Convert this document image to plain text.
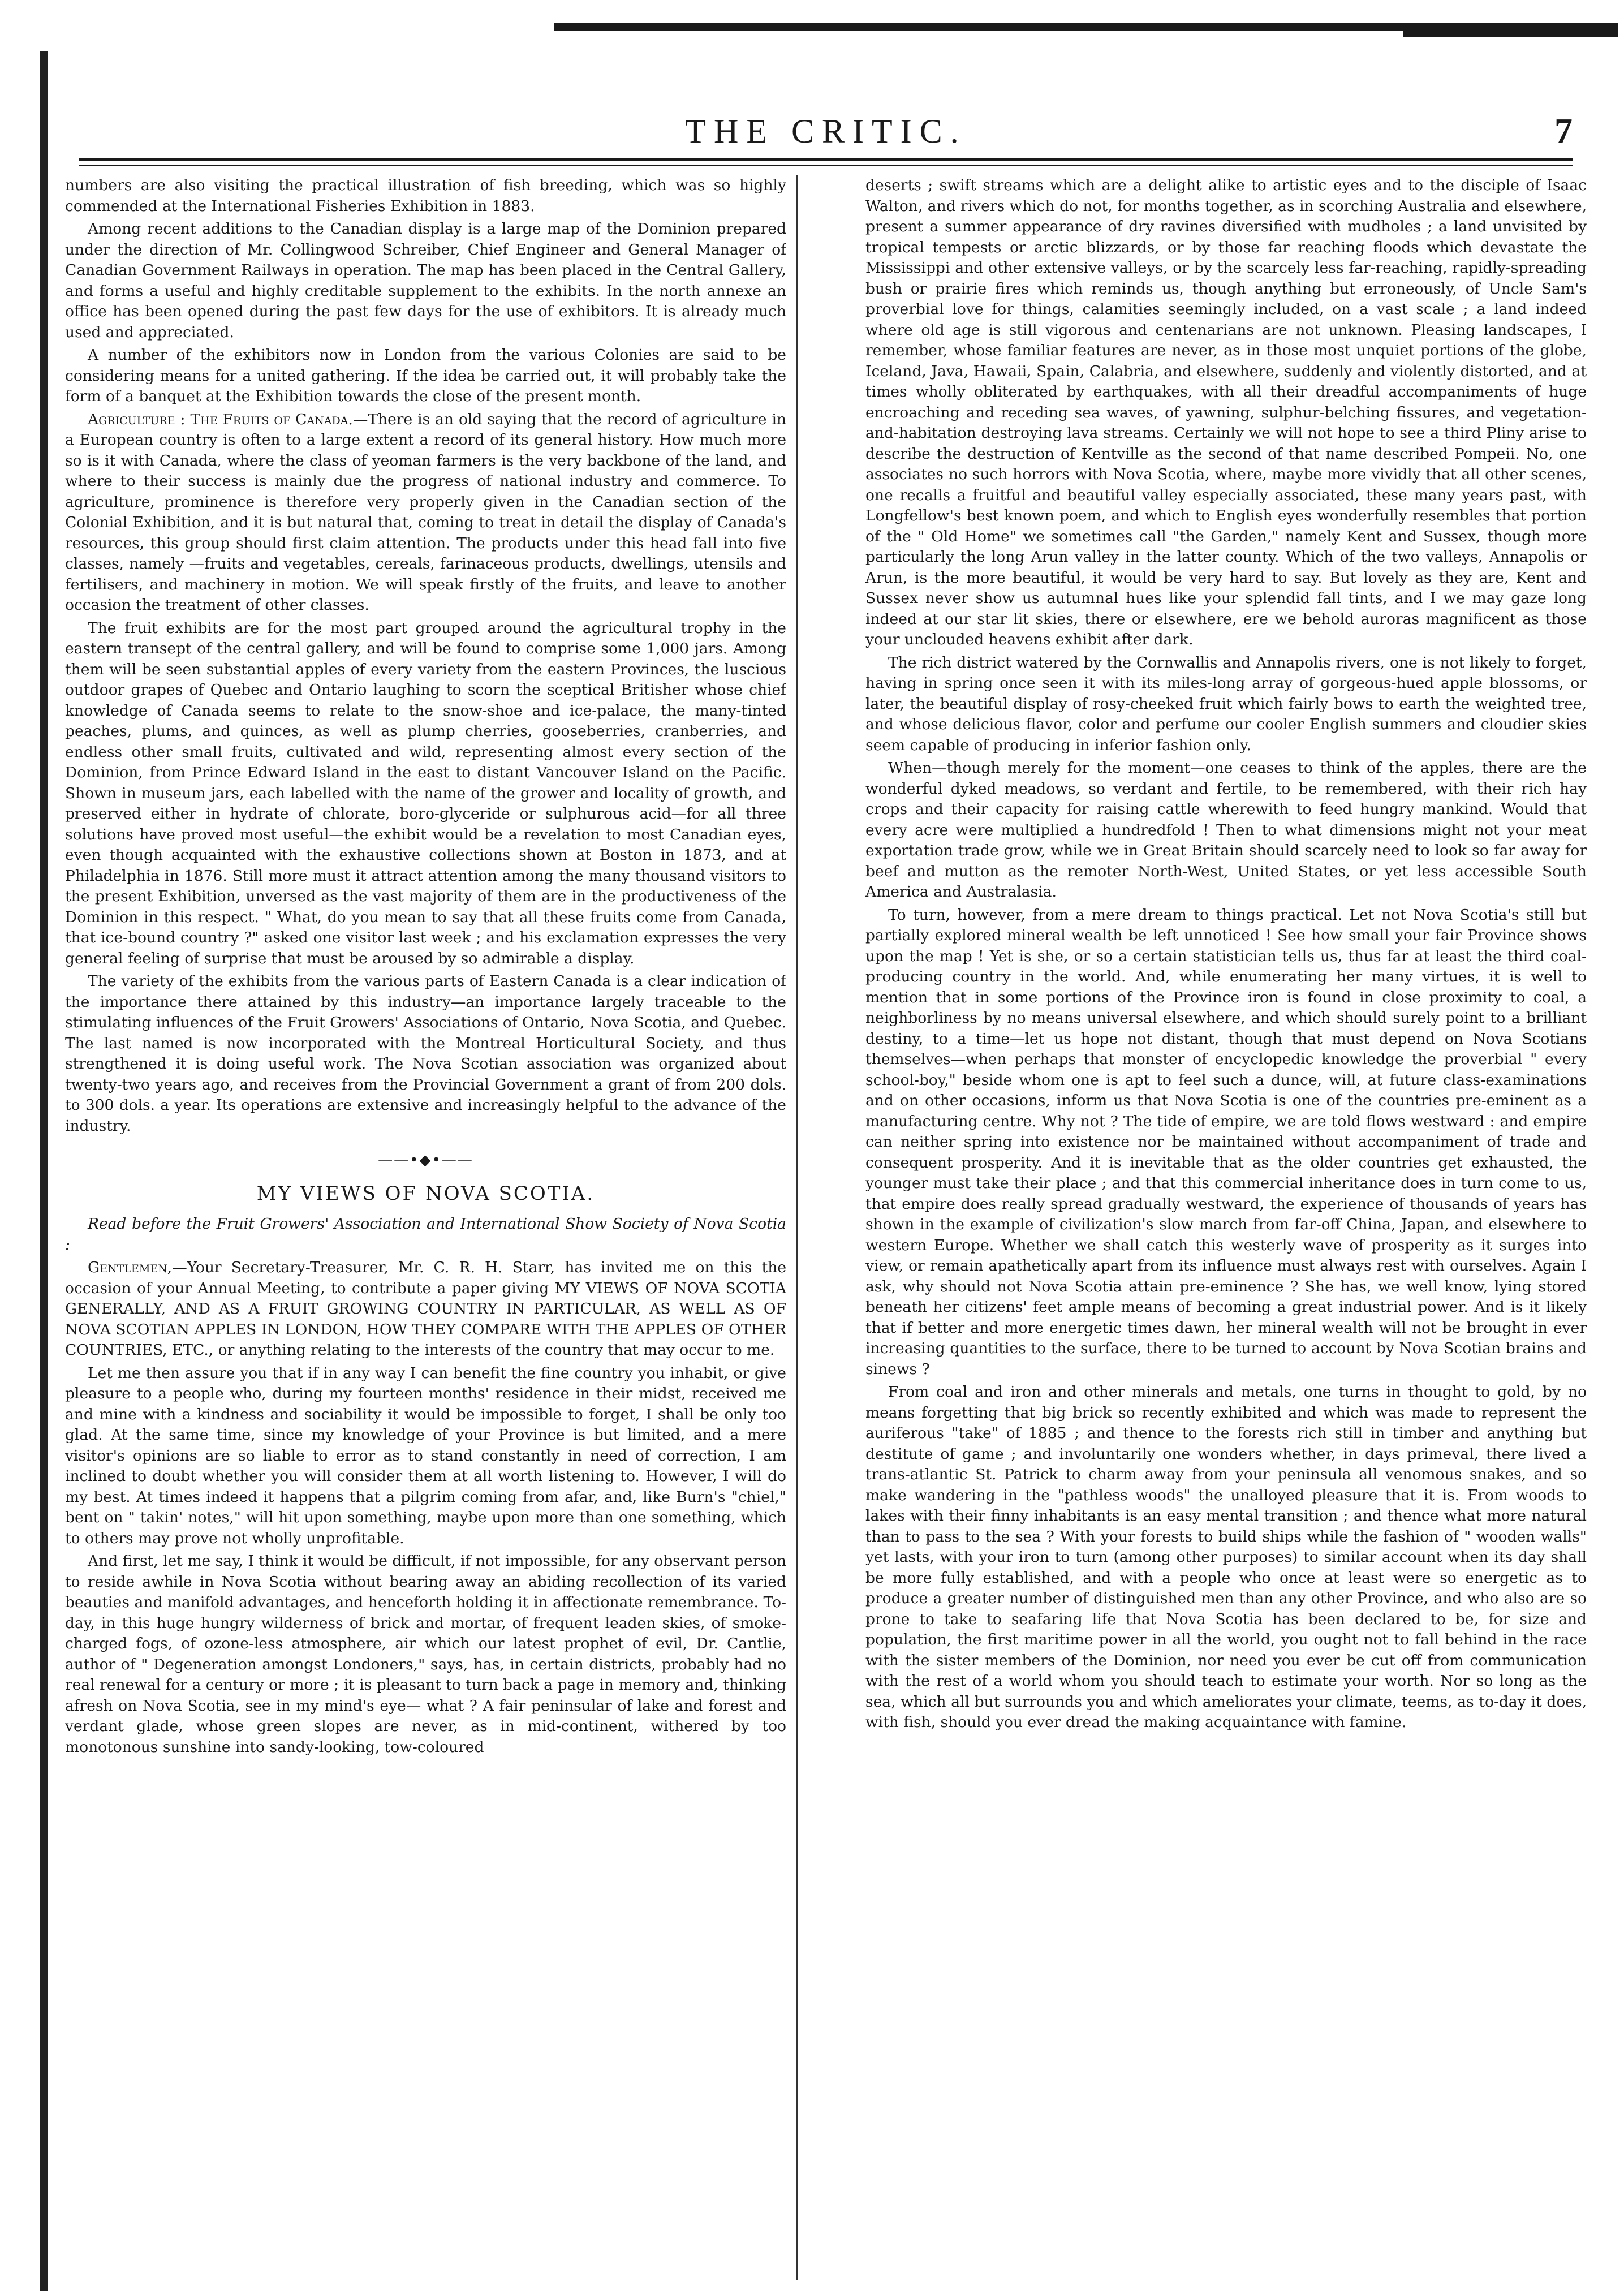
THE CRITIC.	7

numbers are also visiting the practical illustration of fish breeding, which was so highly commended at the International Fisheries Exhibition in 1883.

Among recent additions to the Canadian display is a large map of the Dominion prepared under the direction of Mr. Collingwood Schreiber, Chief Engineer and General Manager of Canadian Government Railways in operation. The map has been placed in the Central Gallery, and forms a useful and highly creditable supplement to the exhibits. In the north annexe an office has been opened during the past few days for the use of exhibitors. It is already much used and appreciated.

A number of the exhibitors now in London from the various Colonies are said to be considering means for a united gathering. If the idea be carried out, it will probably take the form of a banquet at the Exhibition towards the close of the present month.

Agriculture : The Fruits of Canada.—There is an old saying that the record of agriculture in a European country is often to a large extent a record of its general history. How much more so is it with Canada, where the class of yeoman farmers is the very backbone of the land, and where to their success is mainly due the progress of national industry and commerce. To agriculture, prominence is therefore very properly given in the Canadian section of the Colonial Exhibition, and it is but natural that, coming to treat in detail the display of Canada's resources, this group should first claim attention. The products under this head fall into five classes, namely —fruits and vegetables, cereals, farinaceous products, dwellings, utensils and fertilisers, and machinery in motion. We will speak firstly of the fruits, and leave to another occasion the treatment of other classes.

The fruit exhibits are for the most part grouped around the agricultural trophy in the eastern transept of the central gallery, and will be found to comprise some 1,000 jars. Among them will be seen substantial apples of every variety from the eastern Provinces, the luscious outdoor grapes of Quebec and Ontario laughing to scorn the sceptical Britisher whose chief knowledge of Canada seems to relate to the snow-shoe and ice-palace, the many-tinted peaches, plums, and quinces, as well as plump cherries, gooseberries, cranberries, and endless other small fruits, cultivated and wild, representing almost every section of the Dominion, from Prince Edward Island in the east to distant Vancouver Island on the Pacific. Shown in museum jars, each labelled with the name of the grower and locality of growth, and preserved either in hydrate of chlorate, boro-glyceride or sulphurous acid—for all three solutions have proved most useful—the exhibit would be a revelation to most Canadian eyes, even though acquainted with the exhaustive collections shown at Boston in 1873, and at Philadelphia in 1876. Still more must it attract attention among the many thousand visitors to the present Exhibition, unversed as the vast majority of them are in the productiveness of the Dominion in this respect. " What, do you mean to say that all these fruits come from Canada, that ice-bound country ?" asked one visitor last week ; and his exclamation expresses the very general feeling of surprise that must be aroused by so admirable a display.

The variety of the exhibits from the various parts of Eastern Canada is a clear indication of the importance there attained by this industry—an importance largely traceable to the stimulating influences of the Fruit Growers' Associations of Ontario, Nova Scotia, and Quebec. The last named is now incorporated with the Montreal Horticultural Society, and thus strengthened it is doing useful work. The Nova Scotian association was organized about twenty-two years ago, and receives from the Provincial Government a grant of from 200 dols. to 300 dols. a year. Its operations are extensive and increasingly helpful to the advance of the industry.

——•◆•——
MY VIEWS OF NOVA SCOTIA.

Read before the Fruit Growers' Association and International Show Society of Nova Scotia :

Gentlemen,—Your Secretary-Treasurer, Mr. C. R. H. Starr, has invited me on this the occasion of your Annual Meeting, to contribute a paper giving MY VIEWS OF NOVA SCOTIA GENERALLY, AND AS A FRUIT GROWING COUNTRY IN PARTICULAR, AS WELL AS OF NOVA SCOTIAN APPLES IN LONDON, HOW THEY COMPARE WITH THE APPLES OF OTHER COUNTRIES, ETC., or anything relating to the interests of the country that may occur to me.

Let me then assure you that if in any way I can benefit the fine country you inhabit, or give pleasure to a people who, during my fourteen months' residence in their midst, received me and mine with a kindness and sociability it would be impossible to forget, I shall be only too glad. At the same time, since my knowledge of your Province is but limited, and a mere visitor's opinions are so liable to error as to stand constantly in need of correction, I am inclined to doubt whether you will consider them at all worth listening to. However, I will do my best. At times indeed it happens that a pilgrim coming from afar, and, like Burn's "chiel," bent on " takin' notes," will hit upon something, maybe upon more than one something, which to others may prove not wholly unprofitable.

And first, let me say, I think it would be difficult, if not impossible, for any observant person to reside awhile in Nova Scotia without bearing away an abiding recollection of its varied beauties and manifold advantages, and henceforth holding it in affectionate remembrance. To-day, in this huge hungry wilderness of brick and mortar, of frequent leaden skies, of smoke-charged fogs, of ozone-less atmosphere, air which our latest prophet of evil, Dr. Cantlie, author of " Degeneration amongst Londoners," says, has, in certain districts, probably had no real renewal for a century or more ; it is pleasant to turn back a page in memory and, thinking afresh on Nova Scotia, see in my mind's eye— what ? A fair peninsular of lake and forest and verdant glade, whose green slopes are never, as in mid-continent, withered by too monotonous sunshine into sandy-looking, tow-coloured

deserts ; swift streams which are a delight alike to artistic eyes and to the disciple of Isaac Walton, and rivers which do not, for months together, as in scorching Australia and elsewhere, present a summer appearance of dry ravines diversified with mudholes ; a land unvisited by tropical tempests or arctic blizzards, or by those far reaching floods which devastate the Mississippi and other extensive valleys, or by the scarcely less far-reaching, rapidly-spreading bush or prairie fires which reminds us, though anything but erroneously, of Uncle Sam's proverbial love for things, calamities seemingly included, on a vast scale ; a land indeed where old age is still vigorous and centenarians are not unknown. Pleasing landscapes, I remember, whose familiar features are never, as in those most unquiet portions of the globe, Iceland, Java, Hawaii, Spain, Calabria, and elsewhere, suddenly and violently distorted, and at times wholly obliterated by earthquakes, with all their dreadful accompaniments of huge encroaching and receding sea waves, of yawning, sulphur-belching fissures, and vegetation-and-habitation destroying lava streams. Certainly we will not hope to see a third Pliny arise to describe the destruction of Kentville as the second of that name described Pompeii. No, one associates no such horrors with Nova Scotia, where, maybe more vividly that all other scenes, one recalls a fruitful and beautiful valley especially associated, these many years past, with Longfellow's best known poem, and which to English eyes wonderfully resembles that portion of the " Old Home" we sometimes call "the Garden," namely Kent and Sussex, though more particularly the long Arun valley in the latter county. Which of the two valleys, Annapolis or Arun, is the more beautiful, it would be very hard to say. But lovely as they are, Kent and Sussex never show us autumnal hues like your splendid fall tints, and I we may gaze long indeed at our star lit skies, there or elsewhere, ere we behold auroras magnificent as those your unclouded heavens exhibit after dark.

The rich district watered by the Cornwallis and Annapolis rivers, one is not likely to forget, having in spring once seen it with its miles-long array of gorgeous-hued apple blossoms, or later, the beautiful display of rosy-cheeked fruit which fairly bows to earth the weighted tree, and whose delicious flavor, color and perfume our cooler English summers and cloudier skies seem capable of producing in inferior fashion only.

When—though merely for the moment—one ceases to think of the apples, there are the wonderful dyked meadows, so verdant and fertile, to be remembered, with their rich hay crops and their capacity for raising cattle wherewith to feed hungry mankind. Would that every acre were multiplied a hundredfold ! Then to what dimensions might not your meat exportation trade grow, while we in Great Britain should scarcely need to look so far away for beef and mutton as the remoter North-West, United States, or yet less accessible South America and Australasia.

To turn, however, from a mere dream to things practical. Let not Nova Scotia's still but partially explored mineral wealth be left unnoticed ! See how small your fair Province shows upon the map ! Yet is she, or so a certain statistician tells us, thus far at least the third coal-producing country in the world. And, while enumerating her many virtues, it is well to mention that in some portions of the Province iron is found in close proximity to coal, a neighborliness by no means universal elsewhere, and which should surely point to a brilliant destiny, to a time—let us hope not distant, though that must depend on Nova Scotians themselves—when perhaps that monster of encyclopedic knowledge the proverbial " every school-boy," beside whom one is apt to feel such a dunce, will, at future class-examinations and on other occasions, inform us that Nova Scotia is one of the countries pre-eminent as a manufacturing centre. Why not ? The tide of empire, we are told flows westward : and empire can neither spring into existence nor be maintained without accompaniment of trade and consequent prosperity. And it is inevitable that as the older countries get exhausted, the younger must take their place ; and that this commercial inheritance does in turn come to us, that empire does really spread gradually westward, the experience of thousands of years has shown in the example of civilization's slow march from far-off China, Japan, and elsewhere to western Europe. Whether we shall catch this westerly wave of prosperity as it surges into view, or remain apathetically apart from its influence must always rest with ourselves. Again I ask, why should not Nova Scotia attain pre-eminence ? She has, we well know, lying stored beneath her citizens' feet ample means of becoming a great industrial power. And is it likely that if better and more energetic times dawn, her mineral wealth will not be brought in ever increasing quantities to the surface, there to be turned to account by Nova Scotian brains and sinews ?

From coal and iron and other minerals and metals, one turns in thought to gold, by no means forgetting that big brick so recently exhibited and which was made to represent the auriferous "take" of 1885 ; and thence to the forests rich still in timber and anything but destitute of game ; and involuntarily one wonders whether, in days primeval, there lived a trans-atlantic St. Patrick to charm away from your peninsula all venomous snakes, and so make wandering in the "pathless woods" the unalloyed pleasure that it is. From woods to lakes with their finny inhabitants is an easy mental transition ; and thence what more natural than to pass to the sea ? With your forests to build ships while the fashion of " wooden walls" yet lasts, with your iron to turn (among other purposes) to similar account when its day shall be more fully established, and with a people who once at least were so energetic as to produce a greater number of distinguished men than any other Province, and who also are so prone to take to seafaring life that Nova Scotia has been declared to be, for size and population, the first maritime power in all the world, you ought not to fall behind in the race with the sister members of the Dominion, nor need you ever be cut off from communication with the rest of a world whom you should teach to estimate your worth. Nor so long as the sea, which all but surrounds you and which ameliorates your climate, teems, as to-day it does, with fish, should you ever dread the making acquaintance with famine.
